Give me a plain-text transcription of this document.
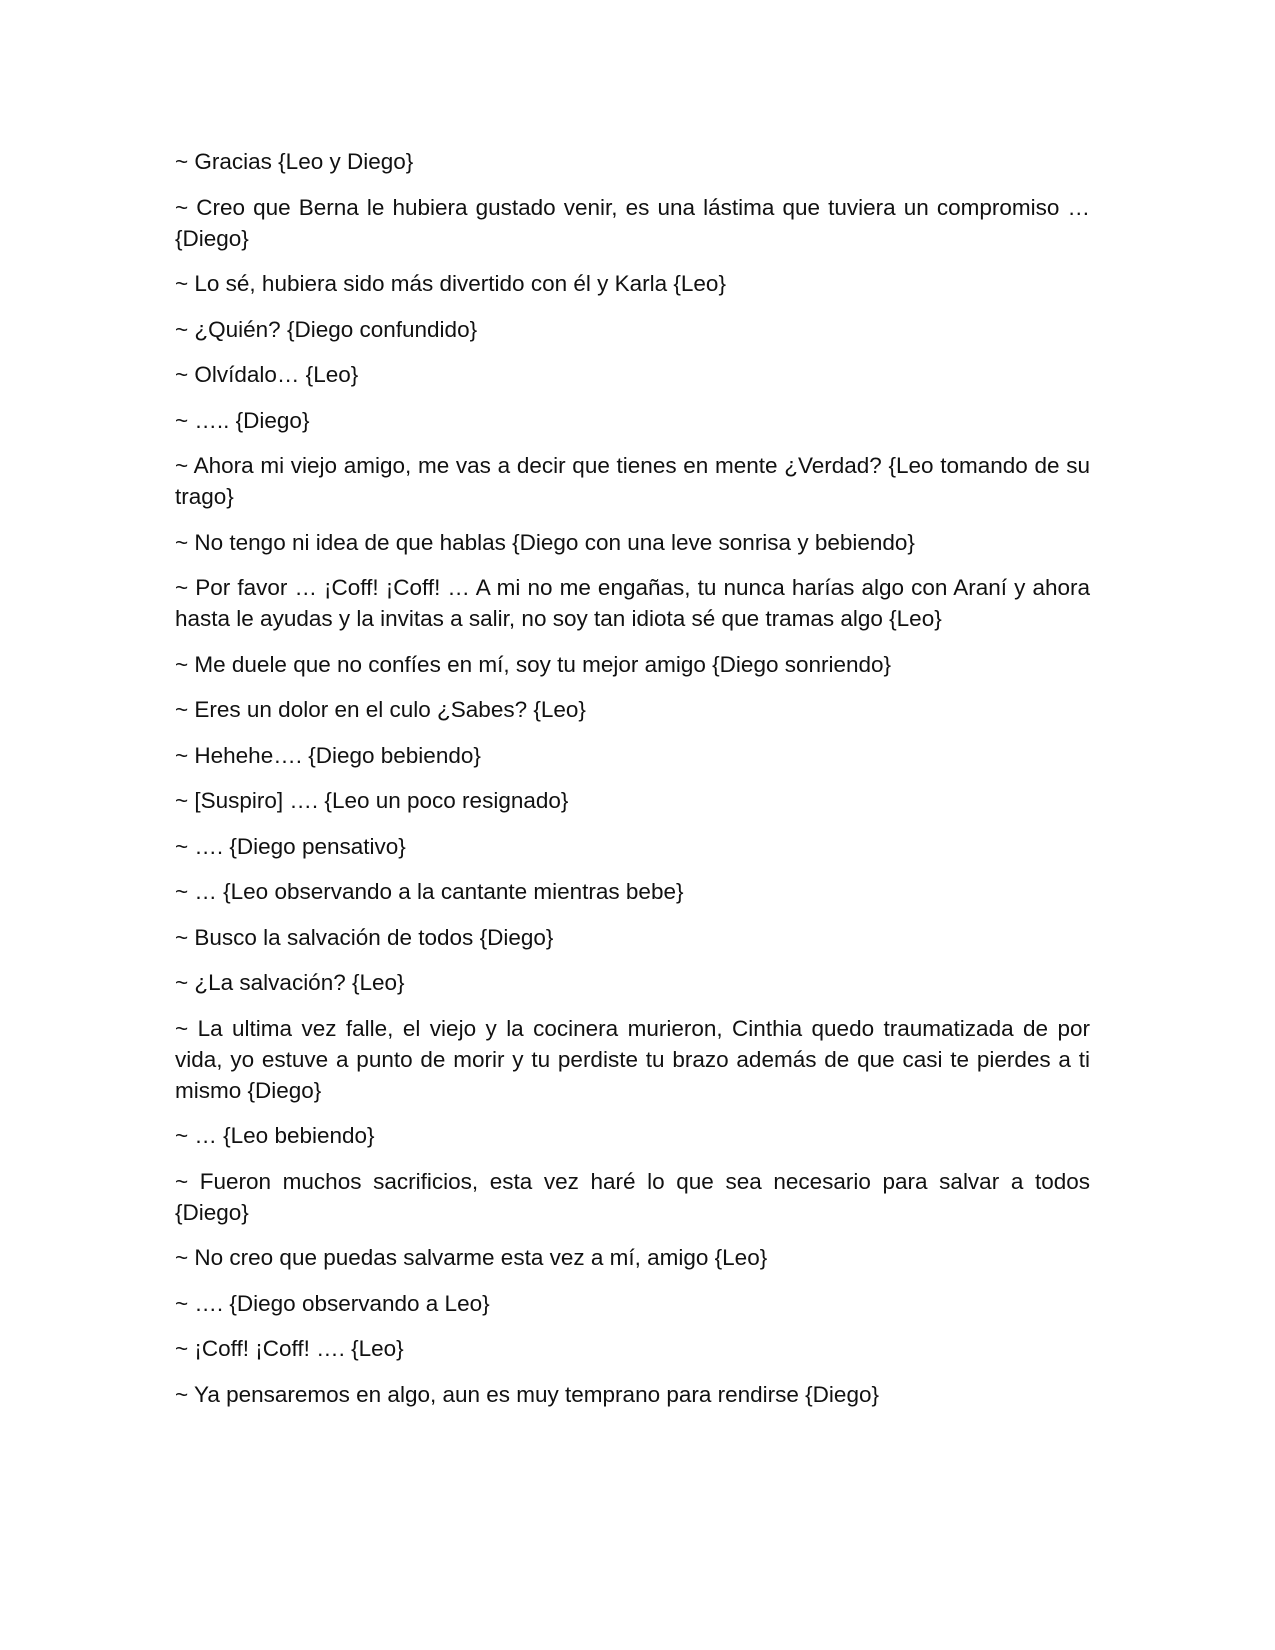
~ Gracias {Leo y Diego}

~ Creo que Berna le hubiera gustado venir, es una lástima que tuviera un compromiso … {Diego}

~ Lo sé, hubiera sido más divertido con él y Karla {Leo}

~ ¿Quién? {Diego confundido}

~ Olvídalo… {Leo}

~ ….. {Diego}

~ Ahora mi viejo amigo, me vas a decir que tienes en mente ¿Verdad? {Leo tomando de su trago}

~ No tengo ni idea de que hablas {Diego con una leve sonrisa y bebiendo}

~ Por favor … ¡Coff! ¡Coff! … A mi no me engañas, tu nunca harías algo con Araní y ahora hasta le ayudas y la invitas a salir, no soy tan idiota sé que tramas algo {Leo}

~ Me duele que no confíes en mí, soy tu mejor amigo {Diego sonriendo}

~ Eres un dolor en el culo ¿Sabes? {Leo}

~ Hehehe…. {Diego bebiendo}

~ [Suspiro] …. {Leo un poco resignado}

~ …. {Diego pensativo}

~ … {Leo observando a la cantante mientras bebe}

~ Busco la salvación de todos {Diego}

~ ¿La salvación? {Leo}

~ La ultima vez falle, el viejo y la cocinera murieron, Cinthia quedo traumatizada de por vida, yo estuve a punto de morir y tu perdiste tu brazo además de que casi te pierdes a ti mismo {Diego}

~ … {Leo bebiendo}

~ Fueron muchos sacrificios, esta vez haré lo que sea necesario para salvar a todos {Diego}

~ No creo que puedas salvarme esta vez a mí, amigo {Leo}

~ …. {Diego observando a Leo}

~ ¡Coff! ¡Coff! …. {Leo}

~ Ya pensaremos en algo, aun es muy temprano para rendirse {Diego}
